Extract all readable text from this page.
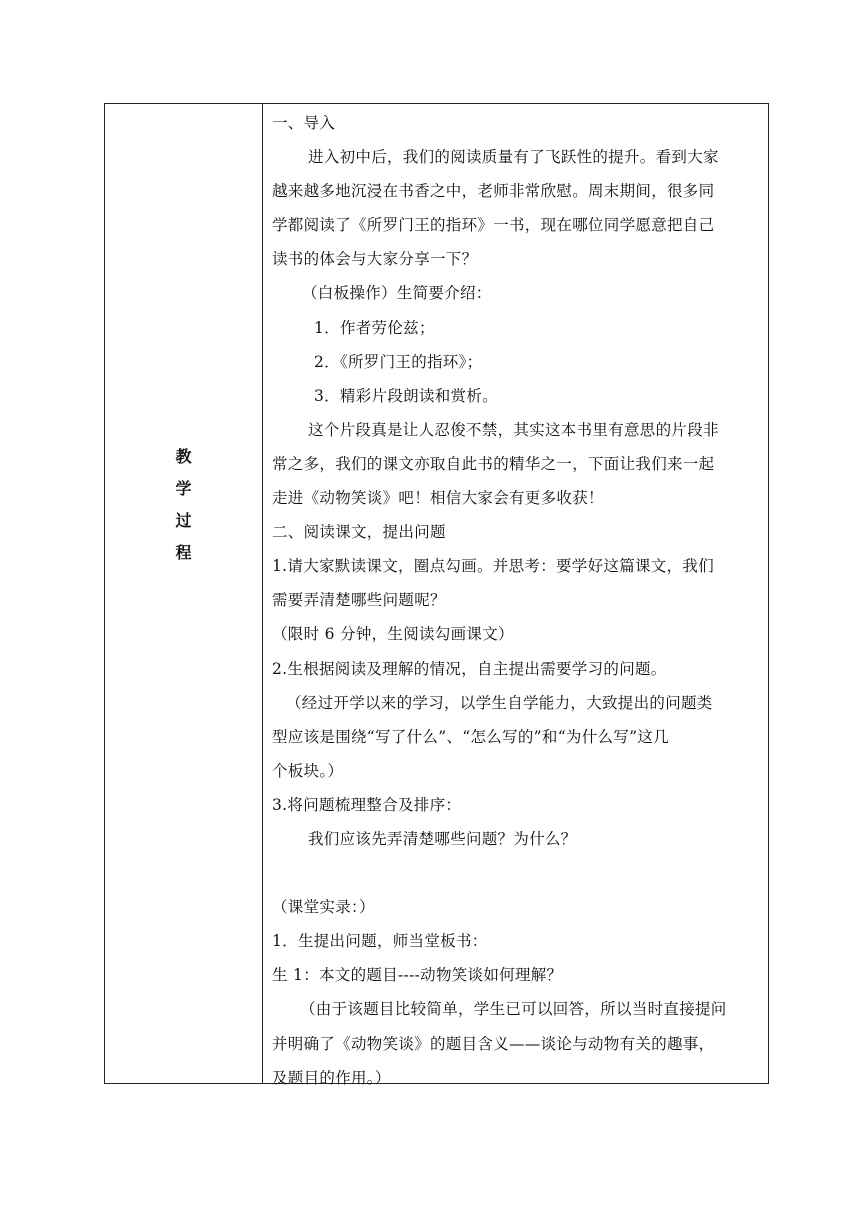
教
学
过
程
一、导入
进入初中后，我们的阅读质量有了飞跃性的提升。看到大家
越来越多地沉浸在书香之中，老师非常欣慰。周末期间，很多同
学都阅读了《所罗门王的指环》一书，现在哪位同学愿意把自己
读书的体会与大家分享一下？
（白板操作）生简要介绍：
1．作者劳伦兹；
2．《所罗门王的指环》；
3．精彩片段朗读和赏析。
这个片段真是让人忍俊不禁，其实这本书里有意思的片段非
常之多，我们的课文亦取自此书的精华之一，下面让我们来一起
走进《动物笑谈》吧！相信大家会有更多收获！
二、阅读课文，提出问题
1.请大家默读课文，圈点勾画。并思考：要学好这篇课文，我们
需要弄清楚哪些问题呢？
（限时 6 分钟，生阅读勾画课文）
2.生根据阅读及理解的情况，自主提出需要学习的问题。
（经过开学以来的学习，以学生自学能力，大致提出的问题类
型应该是围绕“写了什么”、“怎么写的”和“为什么写”这几
个板块。）
3.将问题梳理整合及排序：
我们应该先弄清楚哪些问题？为什么？
（课堂实录：）
1．生提出问题，师当堂板书：
生 1：本文的题目----动物笑谈如何理解？
（由于该题目比较简单，学生已可以回答，所以当时直接提问
并明确了《动物笑谈》的题目含义——谈论与动物有关的趣事，
及题目的作用。）
